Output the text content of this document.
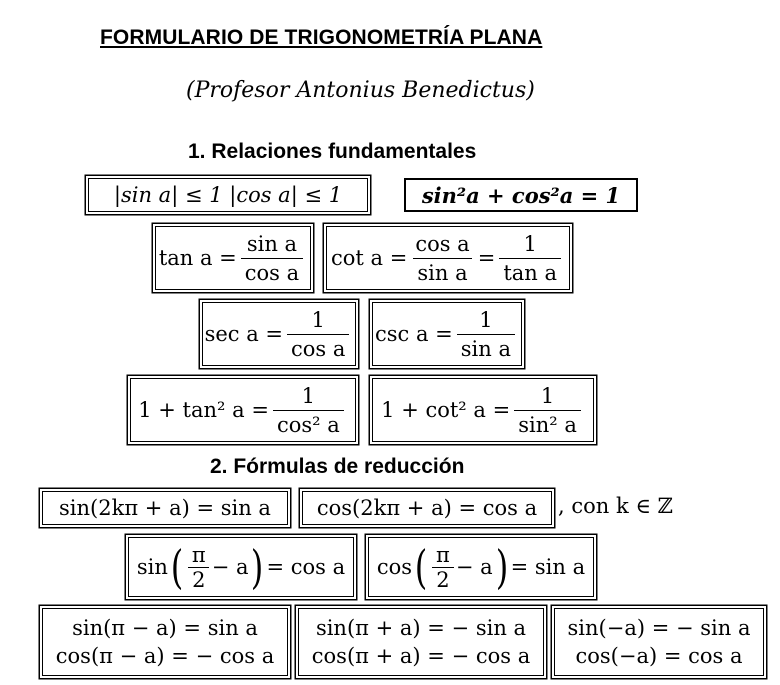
FORMULARIO DE TRIGONOMETRÍA PLANA
(Profesor Antonius Benedictus)
1. Relaciones fundamentales
|sin a| ≤ 1 |cos a| ≤ 1	sin²a + cos²a = 1
$\tan a = \frac{\text{sin a}}{\text{cos a}}$ $\cot a = \frac{\text{cos a}}{\text{sin a}} = \frac{1}{\text{tan a}}$
$\sec a = \frac{1}{\text{cos a}}$ $\csc a = \frac{1}{\text{sin a}}$
1 + tan² $a = \frac{1}{\text{cos² a}} 1 + \cot^2$ $a = \frac{1}{\text{sin² a}}$
2. Fórmulas de reducción
sin(2kπ + a) = sin a cos(2kπ + a) = cos a , con k ∈ ℤ
sin ( $\frac{\pi}{2} - a$ ) = cos a cos ( $\frac{\pi}{2} - a$ ) = sin a
sin(π − a) = sin a
cos(π − a) = − cos a
sin(π + a) = − sin a
cos(π + a) = − cos a
sin(−a) = − sin a
cos(−a) = cos a
